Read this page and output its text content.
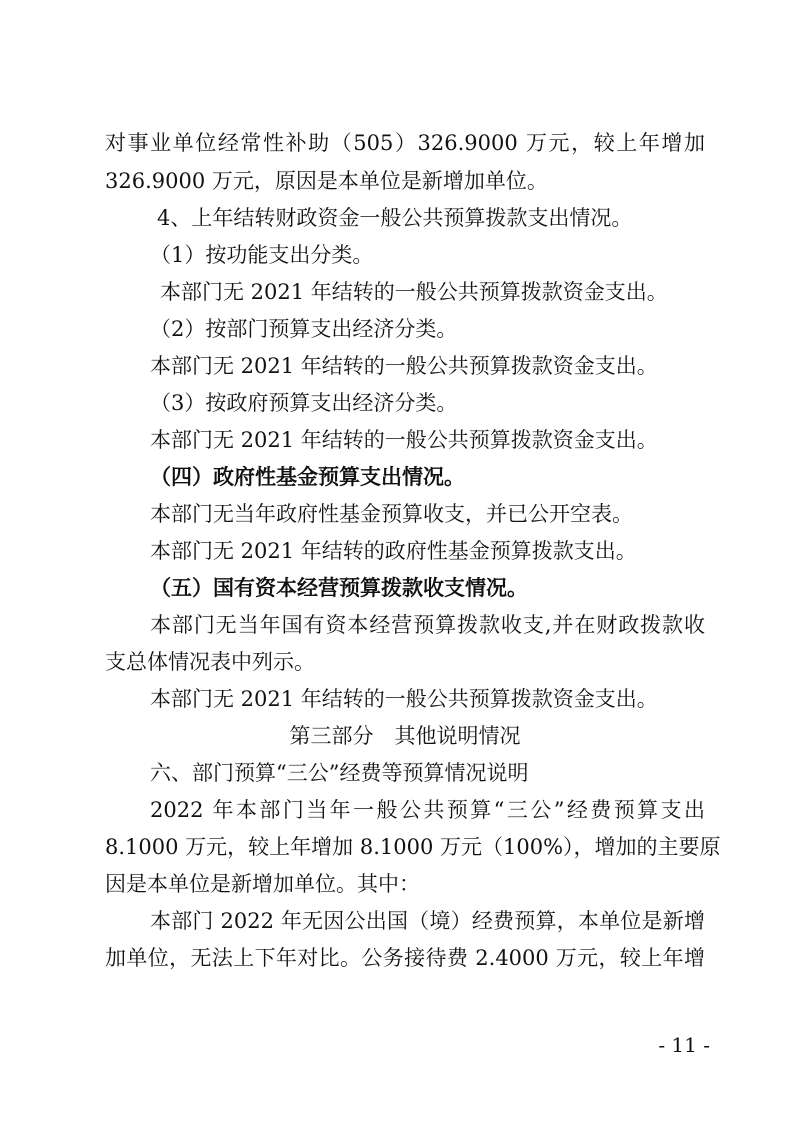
对事业单位经常性补助（505）326.9000 万元，较上年增加
326.9000 万元，原因是本单位是新增加单位。
4、上年结转财政资金一般公共预算拨款支出情况。
（1）按功能支出分类。
本部门无 2021 年结转的一般公共预算拨款资金支出。
（2）按部门预算支出经济分类。
本部门无 2021 年结转的一般公共预算拨款资金支出。
（3）按政府预算支出经济分类。
本部门无 2021 年结转的一般公共预算拨款资金支出。
（四）政府性基金预算支出情况。
本部门无当年政府性基金预算收支，并已公开空表。
本部门无 2021 年结转的政府性基金预算拨款支出。
（五）国有资本经营预算拨款收支情况。
本部门无当年国有资本经营预算拨款收支,并在财政拨款收
支总体情况表中列示。
本部门无 2021 年结转的一般公共预算拨款资金支出。
第三部分　其他说明情况
六、部门预算“三公”经费等预算情况说明
2022 年本部门当年一般公共预算“三公”经费预算支出
8.1000 万元，较上年增加 8.1000 万元（100%），增加的主要原
因是本单位是新增加单位。其中：
本部门 2022 年无因公出国（境）经费预算，本单位是新增
加单位，无法上下年对比。公务接待费 2.4000 万元，较上年增
- 11 -
